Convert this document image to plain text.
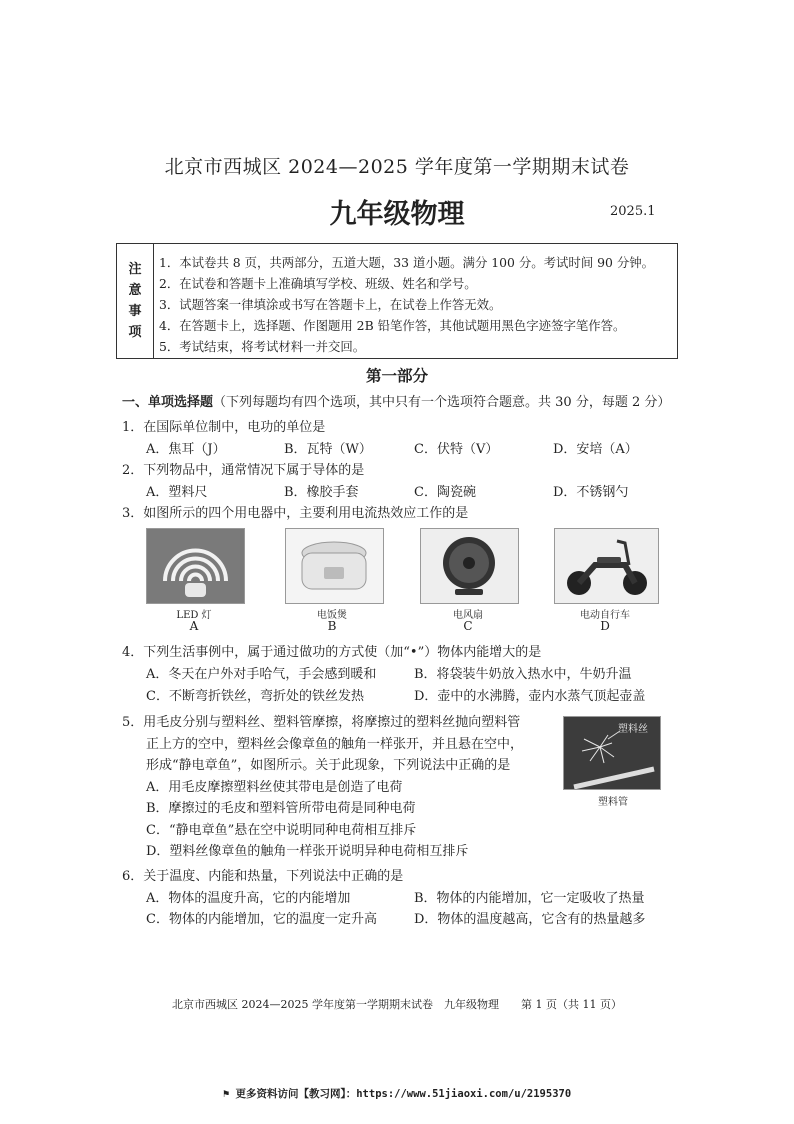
北京市西城区 2024—2025 学年度第一学期期末试卷
九年级物理	2025.1
注
意
事
项
1．本试卷共 8 页，共两部分，五道大题，33 道小题。满分 100 分。考试时间 90 分钟。
2．在试卷和答题卡上准确填写学校、班级、姓名和学号。
3．试题答案一律填涂或书写在答题卡上，在试卷上作答无效。
4．在答题卡上，选择题、作图题用 2B 铅笔作答，其他试题用黑色字迹签字笔作答。
5．考试结束，将考试材料一并交回。
第一部分
一、单项选择题（下列每题均有四个选项，其中只有一个选项符合题意。共 30 分，每题 2 分）
1．在国际单位制中，电功的单位是
A．焦耳（J）	B．瓦特（W）	C．伏特（V）	D．安培（A）
2．下列物品中，通常情况下属于导体的是
A．塑料尺	B．橡胶手套	C．陶瓷碗	D．不锈钢勺
3．如图所示的四个用电器中，主要利用电流热效应工作的是
LED 灯	电饭煲	电风扇	电动自行车
A	B	C	D
4．下列生活事例中，属于通过做功的方式使（加“•”）物体内能增大的是
A．冬天在户外对手哈气，手会感到暖和	B．将袋装牛奶放入热水中，牛奶升温
C．不断弯折铁丝，弯折处的铁丝发热	D．壶中的水沸腾，壶内水蒸气顶起壶盖
5．用毛皮分别与塑料丝、塑料管摩擦，将摩擦过的塑料丝抛向塑料管
正上方的空中，塑料丝会像章鱼的触角一样张开，并且悬在空中，
形成“静电章鱼”，如图所示。关于此现象，下列说法中正确的是
A．用毛皮摩擦塑料丝使其带电是创造了电荷
B．摩擦过的毛皮和塑料管所带电荷是同种电荷
C．“静电章鱼”悬在空中说明同种电荷相互排斥
D．塑料丝像章鱼的触角一样张开说明异种电荷相互排斥
塑料丝
塑料管
6．关于温度、内能和热量，下列说法中正确的是
A．物体的温度升高，它的内能增加	B．物体的内能增加，它一定吸收了热量
C．物体的内能增加，它的温度一定升高	D．物体的温度越高，它含有的热量越多
北京市西城区 2024—2025 学年度第一学期期末试卷　九年级物理　　第 1 页（共 11 页）
⚑ 更多资料访问【教习网】：https://www.51jiaoxi.com/u/2195370
